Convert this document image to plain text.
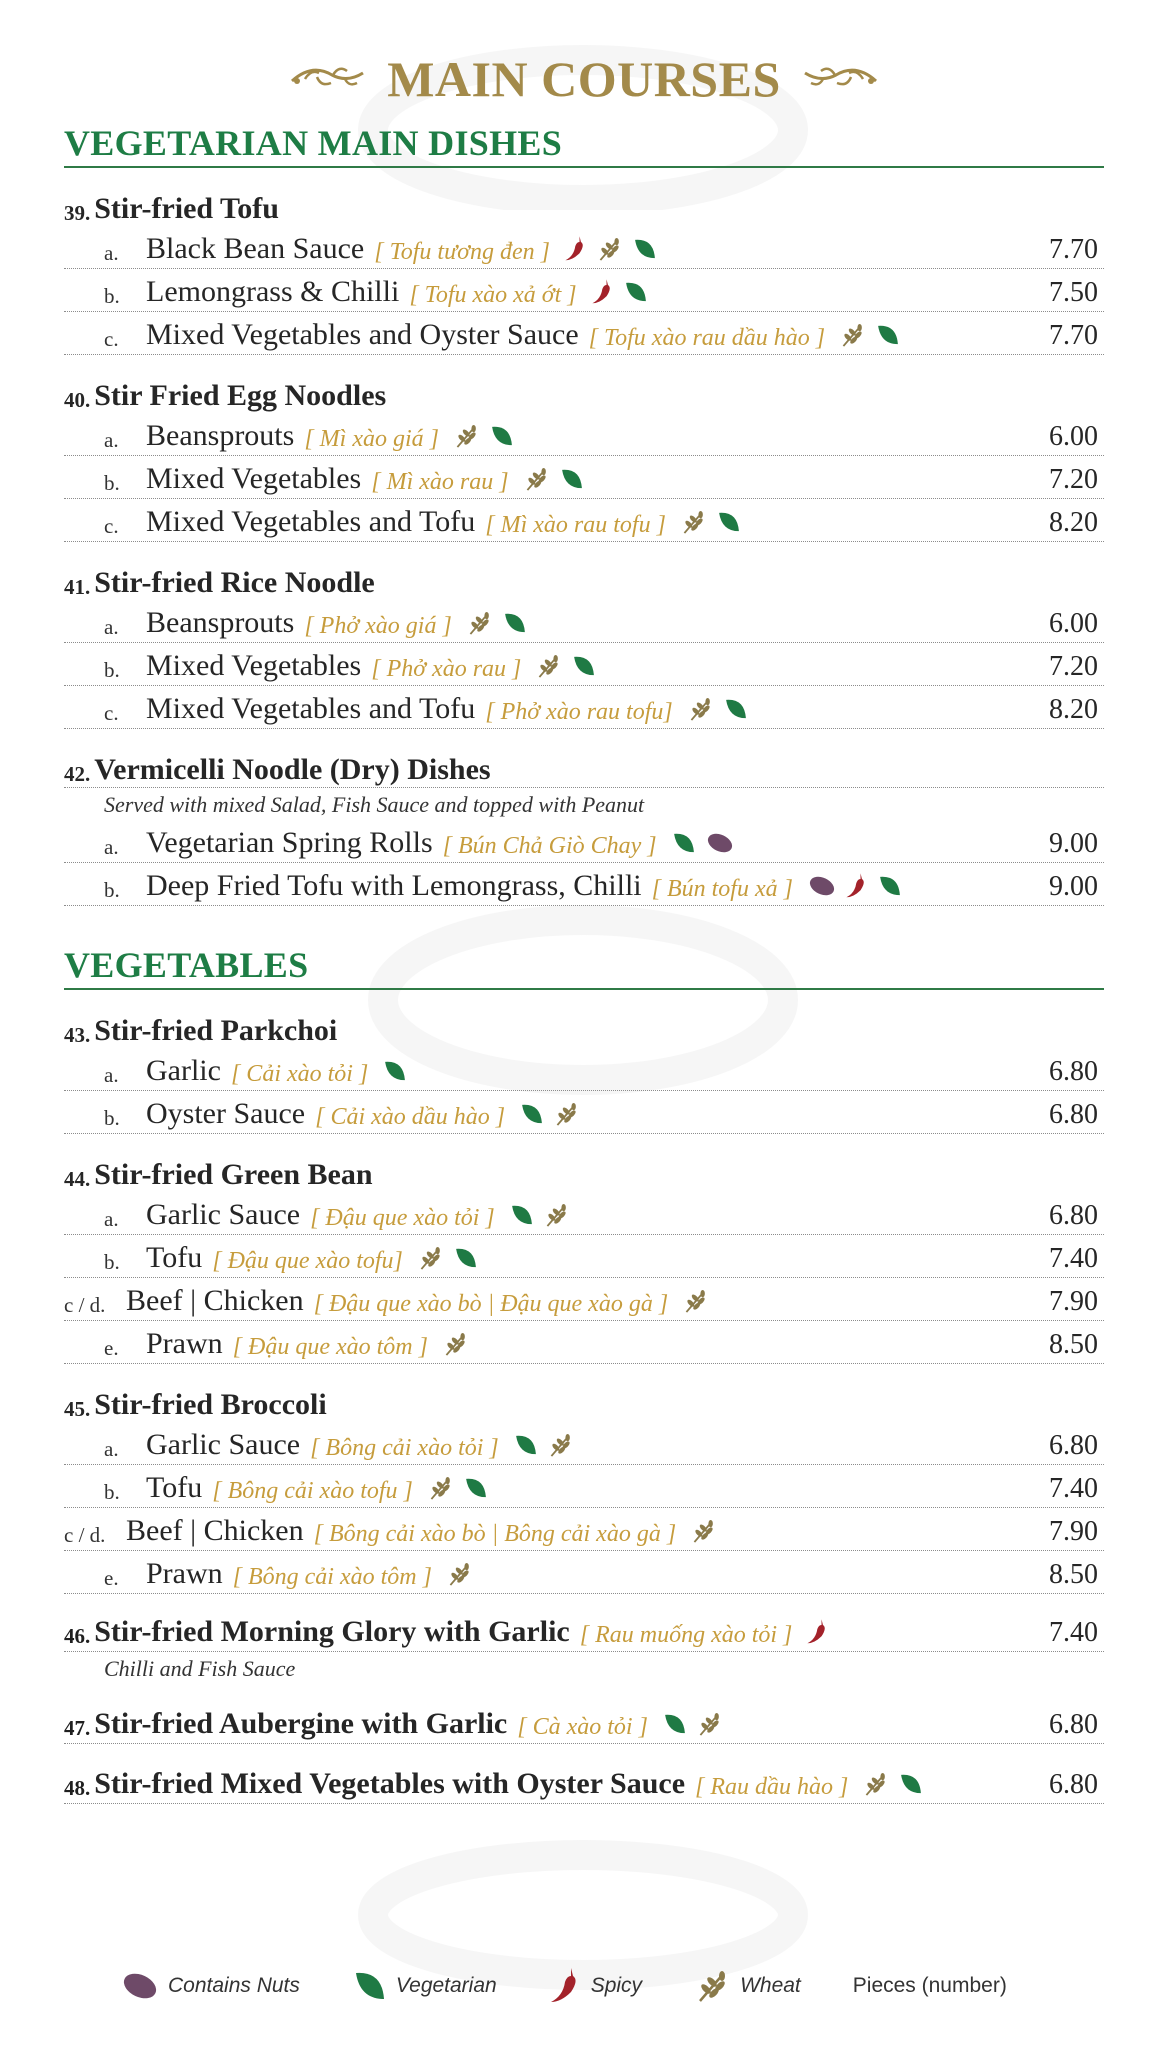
MAIN COURSES
VEGETARIAN MAIN DISHES
39. Stir-fried Tofu
a. Black Bean Sauce [ Tofu tương đen ]	7.70
b. Lemongrass & Chilli [ Tofu xào xả ớt ]	7.50
c. Mixed Vegetables and Oyster Sauce [ Tofu xào rau dầu hào ]	7.70
40. Stir Fried Egg Noodles
a. Beansprouts [ Mì xào giá ]	6.00
b. Mixed Vegetables [ Mì xào rau ]	7.20
c. Mixed Vegetables and Tofu [ Mì xào rau tofu ]	8.20
41. Stir-fried Rice Noodle
a. Beansprouts [ Phở xào giá ]	6.00
b. Mixed Vegetables [ Phở xào rau ]	7.20
c. Mixed Vegetables and Tofu [ Phở xào rau tofu]	8.20
42. Vermicelli Noodle (Dry) Dishes
Served with mixed Salad, Fish Sauce and topped with Peanut
a. Vegetarian Spring Rolls [ Bún Chả Giò Chay ]	9.00
b. Deep Fried Tofu with Lemongrass, Chilli [ Bún tofu xả ]	9.00
VEGETABLES
43. Stir-fried Parkchoi
a. Garlic [ Cải xào tỏi ]	6.80
b. Oyster Sauce [ Cải xào dầu hào ]	6.80
44. Stir-fried Green Bean
a. Garlic Sauce [ Đậu que xào tỏi ]	6.80
b. Tofu [ Đậu que xào tofu]	7.40
c / d. Beef | Chicken [ Đậu que xào bò | Đậu que xào gà ]	7.90
e. Prawn [ Đậu que xào tôm ]	8.50
45. Stir-fried Broccoli
a. Garlic Sauce [ Bông cải xào tỏi ]	6.80
b. Tofu [ Bông cải xào tofu ]	7.40
c / d. Beef | Chicken [ Bông cải xào bò | Bông cải xào gà ]	7.90
e. Prawn [ Bông cải xào tôm ]	8.50
46. Stir-fried Morning Glory with Garlic [ Rau muống xào tỏi ]	7.40
Chilli and Fish Sauce
47. Stir-fried Aubergine with Garlic [ Cà xào tỏi ]	6.80
48. Stir-fried Mixed Vegetables with Oyster Sauce [ Rau dầu hào ]	6.80
Contains Nuts	Vegetarian	Spicy	Wheat Pieces (number)
